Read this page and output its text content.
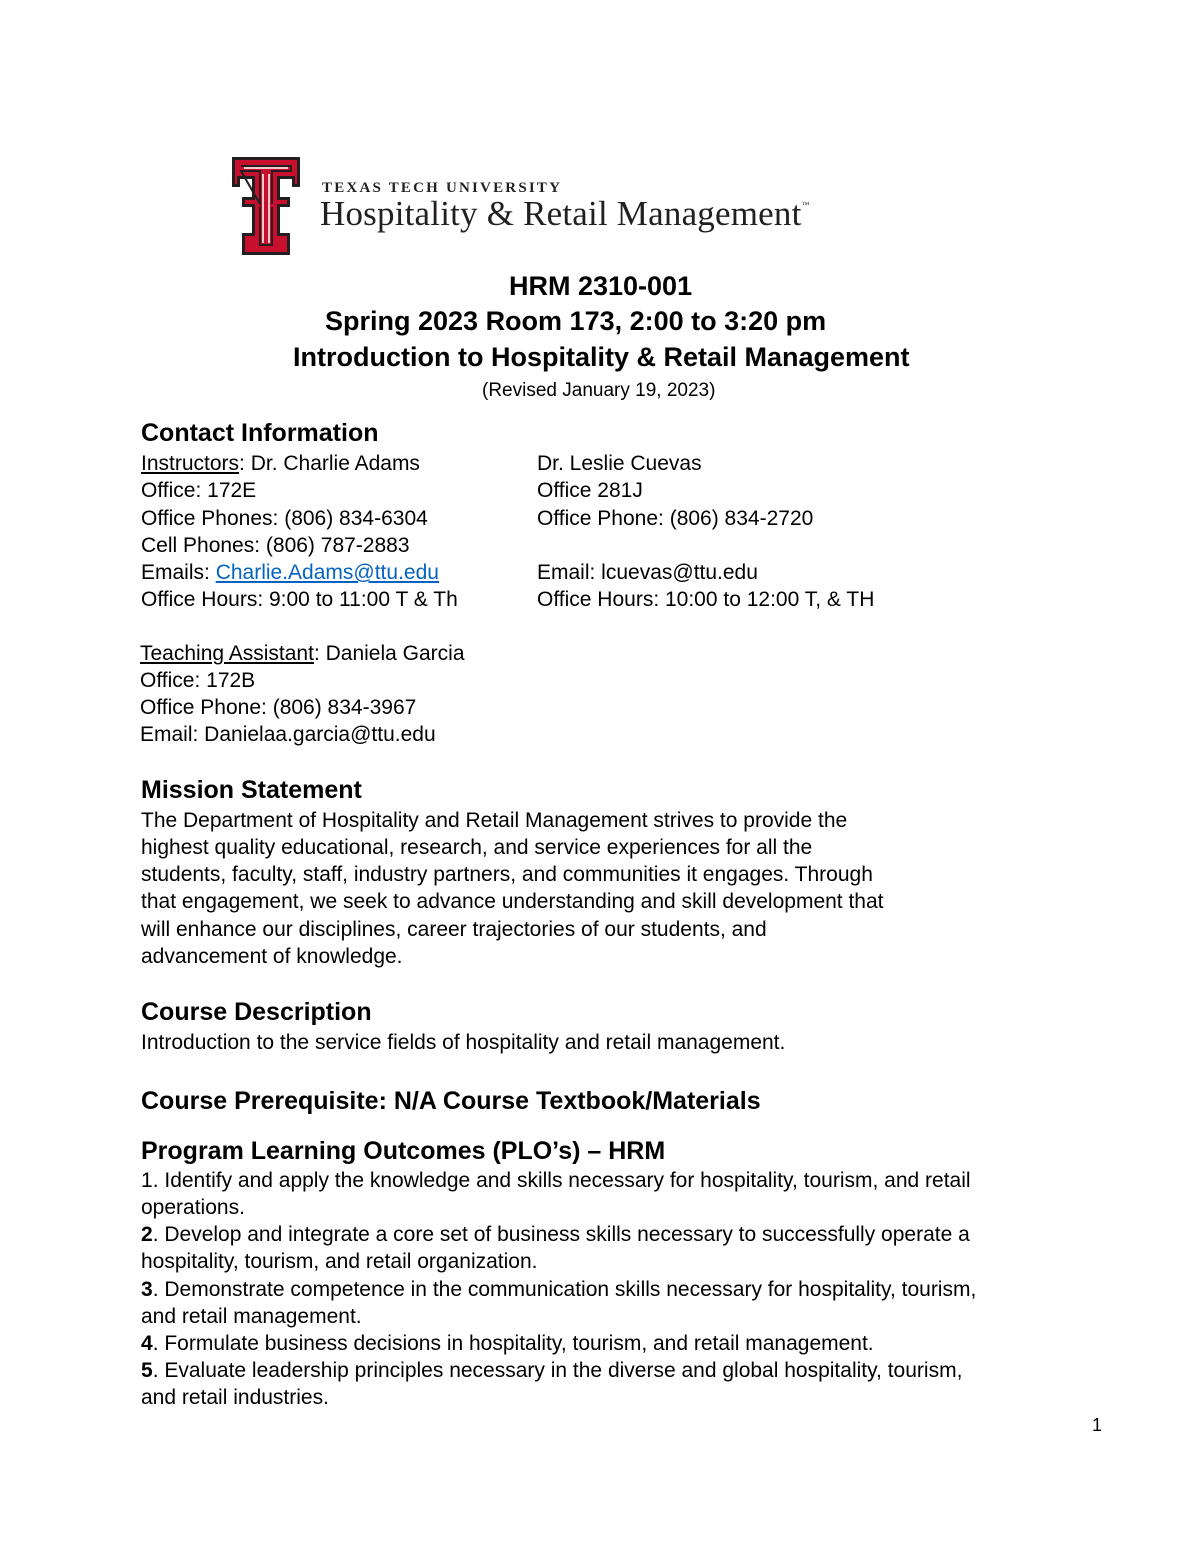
TEXAS TECH UNIVERSITY
Hospitality & Retail Management™
HRM 2310-001
Spring 2023 Room 173, 2:00 to 3:20 pm
Introduction to Hospitality & Retail Management
(Revised January 19, 2023)
Contact Information
Instructors: Dr. Charlie Adams
Office: 172E
Office Phones: (806) 834-6304
Cell Phones: (806) 787-2883
Emails: Charlie.Adams@ttu.edu
Office Hours: 9:00 to 11:00 T & Th
Dr. Leslie Cuevas
Office 281J
Office Phone: (806) 834-2720
Email: lcuevas@ttu.edu
Office Hours: 10:00 to 12:00 T, & TH
Teaching Assistant: Daniela Garcia
Office: 172B
Office Phone: (806) 834-3967
Email: Danielaa.garcia@ttu.edu
Mission Statement
The Department of Hospitality and Retail Management strives to provide the
highest quality educational, research, and service experiences for all the
students, faculty, staff, industry partners, and communities it engages. Through
that engagement, we seek to advance understanding and skill development that
will enhance our disciplines, career trajectories of our students, and
advancement of knowledge.
Course Description
Introduction to the service fields of hospitality and retail management.
Course Prerequisite: N/A Course Textbook/Materials
Program Learning Outcomes (PLO’s) – HRM
1. Identify and apply the knowledge and skills necessary for hospitality, tourism, and retail
operations.
2. Develop and integrate a core set of business skills necessary to successfully operate a
hospitality, tourism, and retail organization.
3. Demonstrate competence in the communication skills necessary for hospitality, tourism,
and retail management.
4. Formulate business decisions in hospitality, tourism, and retail management.
5. Evaluate leadership principles necessary in the diverse and global hospitality, tourism,
and retail industries.
1
